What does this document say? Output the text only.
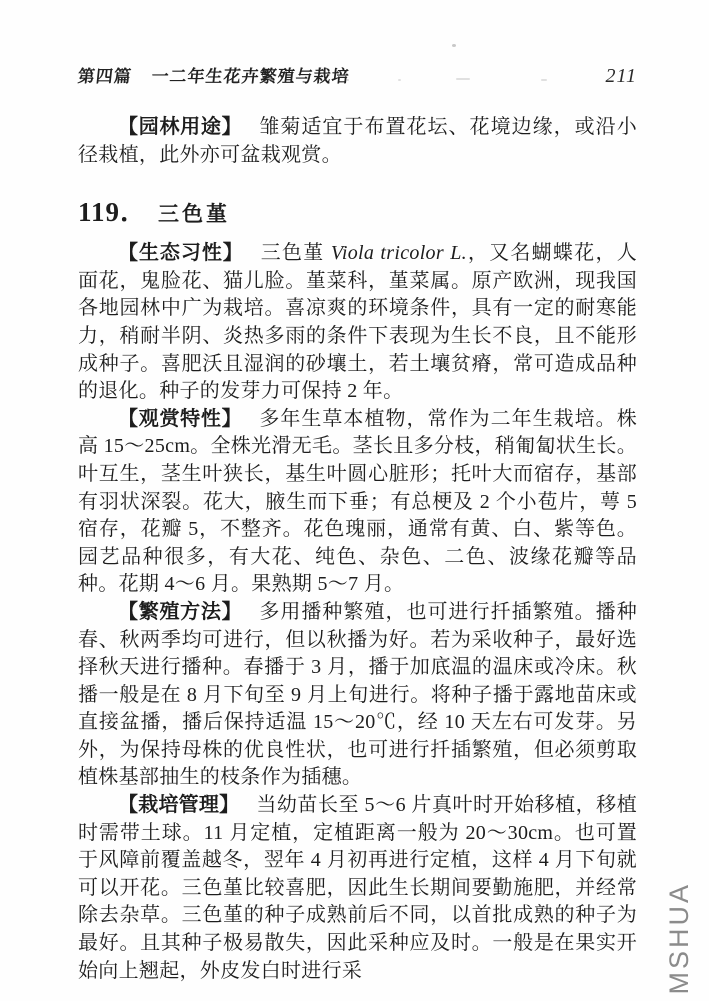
第四篇 一二年生花卉繁殖与栽培	211

【园林用途】 雏菊适宜于布置花坛、花境边缘，或沿小径栽植，此外亦可盆栽观赏。

119． 三色堇

【生态习性】 三色堇 Viola tricolor L.，又名蝴蝶花，人面花，鬼脸花、猫儿脸。堇菜科，堇菜属。原产欧洲，现我国各地园林中广为栽培。喜凉爽的环境条件，具有一定的耐寒能力，稍耐半阴、炎热多雨的条件下表现为生长不良，且不能形成种子。喜肥沃且湿润的砂壤土，若土壤贫瘠，常可造成品种的退化。种子的发芽力可保持 2 年。

【观赏特性】 多年生草本植物，常作为二年生栽培。株高 15～25cm。全株光滑无毛。茎长且多分枝，稍匍匐状生长。叶互生，茎生叶狭长，基生叶圆心脏形；托叶大而宿存，基部有羽状深裂。花大，腋生而下垂；有总梗及 2 个小苞片，萼 5 宿存，花瓣 5，不整齐。花色瑰丽，通常有黄、白、紫等色。园艺品种很多，有大花、纯色、杂色、二色、波缘花瓣等品种。花期 4～6 月。果熟期 5～7 月。

【繁殖方法】 多用播种繁殖，也可进行扦插繁殖。播种春、秋两季均可进行，但以秋播为好。若为采收种子，最好选择秋天进行播种。春播于 3 月，播于加底温的温床或冷床。秋播一般是在 8 月下旬至 9 月上旬进行。将种子播于露地苗床或直接盆播，播后保持适温 15～20℃，经 10 天左右可发芽。另外，为保持母株的优良性状，也可进行扦插繁殖，但必须剪取植株基部抽生的枝条作为插穗。

【栽培管理】 当幼苗长至 5～6 片真叶时开始移植，移植时需带土球。11 月定植，定植距离一般为 20～30cm。也可置于风障前覆盖越冬，翌年 4 月初再进行定植，这样 4 月下旬就可以开花。三色堇比较喜肥，因此生长期间要勤施肥，并经常除去杂草。三色堇的种子成熟前后不同，以首批成熟的种子为最好。且其种子极易散失，因此采种应及时。一般是在果实开始向上翘起，外皮发白时进行采	MSHUA
